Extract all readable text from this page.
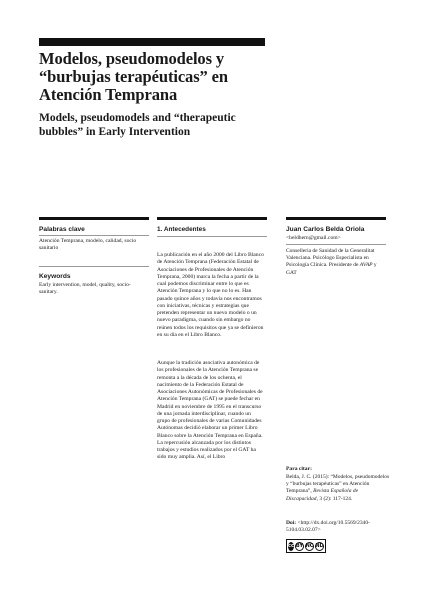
Modelos, pseudomodelos y “burbujas terapéuticas” en Atención Temprana
Models, pseudomodels and “therapeutic bubbles” in Early Intervention
Palabras clave
Atención Temprana, modelo, calidad, socio sanitario
Keywords
Early intervention, model, quality, socio-sanitary.
1. Antecedentes

La publicación en el año 2000 del Libro Blanco de Atención Temprana (Federación Estatal de Asociaciones de Profesionales de Atención Temprana, 2000) marca la fecha a partir de la cual podemos discriminar entre lo que es Atención Temprana y lo que no lo es. Han pasado quince años y todavía nos encontramos con iniciativas, técnicas y estrategias que pretenden representar un nuevo modelo o un nuevo paradigma, cuando sin embargo no reúnen todos los requisitos que ya se definieron en su día en el Libro Blanco.

Aunque la tradición asociativa autonómica de los profesionales de la Atención Temprana se remonta a la década de los ochenta, el nacimiento de la Federación Estatal de Asociaciones Autonómicas de Profesionales de Atención Temprana (GAT) se puede fechar en Madrid en noviembre de 1995 en el transcurso de una jornada interdisciplinar, cuando un grupo de profesionales de varias Comunidades Autónomas decidió elaborar un primer Libro Blanco sobre la Atención Temprana en España. La repercusión alcanzada por los distintos trabajos y estudios realizados por el GAT ha sido muy amplia. Así, el Libro

Juan Carlos Belda Oriola
<beldhern@gmail.com>
Conselleria de Sanidad de la Generalitat Valenciana. Psicólogo Especialista en Psicología Clínica. Presidente de AVAP y GAT
Para citar:
Belda, J. C. (2015): “Modelos, pseudomodelos y “burbujas terapéuticas” en Atención Temprana”, Revista Española de Discapacidad, 3 (2): 117-124.
Doi: <http://dx.doi.org/10.5569/2340-5104.03.02.07>
cc BY NC ND
